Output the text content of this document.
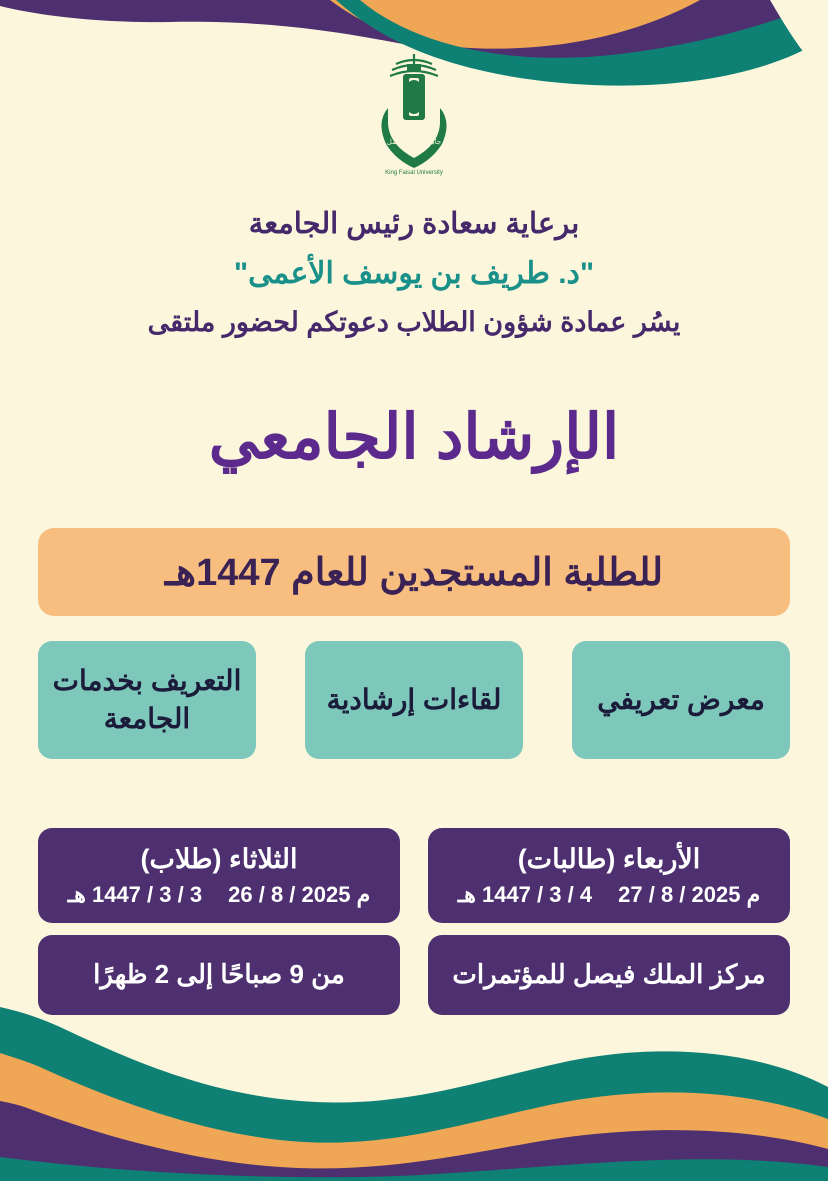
جامعة الملك فيصل
King Faisal University
برعاية سعادة رئيس الجامعة
"د. طريف بن يوسف الأعمى"
يسُر عمادة شؤون الطلاب دعوتكم لحضور ملتقى
الإرشاد الجامعي
للطلبة المستجدين للعام 1447هـ
التعريف بخدمات الجامعة
لقاءات إرشادية	معرض تعريفي
الثلاثاء (طلاب)
3 / 3 / 1447 هـ م 2025 / 8 / 26
الأربعاء (طالبات)
4 / 3 / 1447 هـ م 2025 / 8 / 27
من 9 صباحًا إلى 2 ظهرًا	مركز الملك فيصل للمؤتمرات
